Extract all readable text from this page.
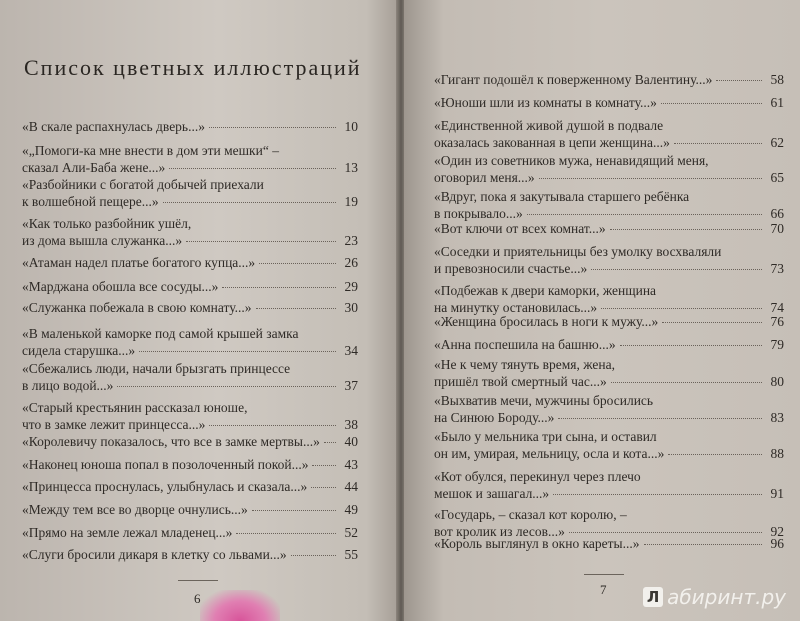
Список цветных иллюстраций
«В скале распахнулась дверь...»	10
«„Помоги-ка мне внести в дом эти мешки“ –
сказал Али-Баба жене...»	13
«Разбойники с богатой добычей приехали
к волшебной пещере...»	19
«Как только разбойник ушёл,
из дома вышла служанка...»	23
«Атаман надел платье богатого купца...»	26
«Марджана обошла все сосуды...»	29
«Служанка побежала в свою комнату...»	30
«В маленькой каморке под самой крышей замка
сидела старушка...»	34
«Сбежались люди, начали брызгать принцессе
в лицо водой...»	37
«Старый крестьянин рассказал юноше,
что в замке лежит принцесса...»	38
«Королевичу показалось, что все в замке мертвы...»	40
«Наконец юноша попал в позолоченный покой...»	43
«Принцесса проснулась, улыбнулась и сказала...»	44
«Между тем все во дворце очнулись...»	49
«Прямо на земле лежал младенец...»	52
«Слуги бросили дикаря в клетку со львами...»	55
6
«Гигант подошёл к поверженному Валентину...»	58
«Юноши шли из комнаты в комнату...»	61
«Единственной живой душой в подвале
оказалась закованная в цепи женщина...»	62
«Один из советников мужа, ненавидящий меня,
оговорил меня...»	65
«Вдруг, пока я закутывала старшего ребёнка
в покрывало...»	66
«Вот ключи от всех комнат...»	70
«Соседки и приятельницы без умолку восхваляли
и превозносили счастье...»	73
«Подбежав к двери каморки, женщина
на минутку остановилась...»	74
«Женщина бросилась в ноги к мужу...»	76
«Анна поспешила на башню...»	79
«Не к чему тянуть время, жена,
пришёл твой смертный час...»	80
«Выхватив мечи, мужчины бросились
на Синюю Бороду...»	83
«Было у мельника три сына, и оставил
он им, умирая, мельницу, осла и кота...»	88
«Кот обулся, перекинул через плечо
мешок и зашагал...»	91
«Государь, – сказал кот королю, –
вот кролик из лесов...»	92
«Король выглянул в окно кареты...»	96
7	Л абиринт.ру
